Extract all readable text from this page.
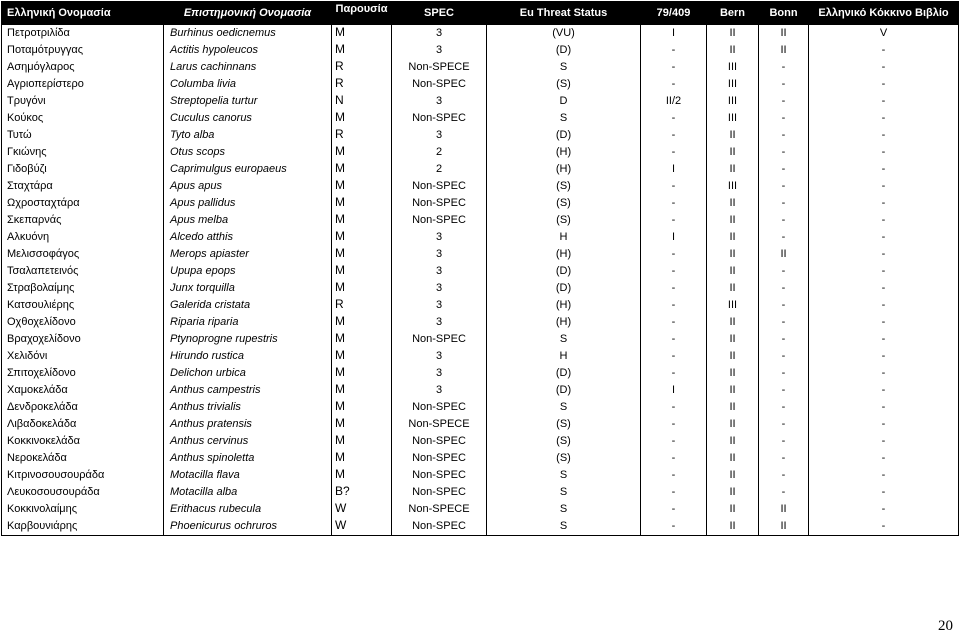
Ελληνική Ονομασία	Επιστημονική Ονομασία	Παρουσία	SPEC	Eu Threat Status	79/409	Bern	Bonn	Ελληνικό Κόκκινο Βιβλίο
Πετροτριλίδα	Burhinus oedicnemus	M	3	(VU)	I	II	II	V
Ποταμότρυγγας	Actitis hypoleucos	M	3	(D)	-	II	II	-
Ασημόγλαρος	Larus cachinnans	R	Non-SPECE	S	-	III	-	-
Αγριοπερίστερο	Columba livia	R	Non-SPEC	(S)	-	III	-	-
Τρυγόνι	Streptopelia turtur	N	3	D	II/2	III	-	-
Κούκος	Cuculus canorus	M	Non-SPEC	S	-	III	-	-
Τυτώ	Tyto alba	R	3	(D)	-	II	-	-
Γκιώνης	Otus scops	M	2	(H)	-	II	-	-
Γιδοβύζι	Caprimulgus europaeus	M	2	(H)	I	II	-	-
Σταχτάρα	Apus apus	M	Non-SPEC	(S)	-	III	-	-
Ωχροσταχτάρα	Apus pallidus	M	Non-SPEC	(S)	-	II	-	-
Σκεπαρνάς	Apus melba	M	Non-SPEC	(S)	-	II	-	-
Αλκυόνη	Alcedo atthis	M	3	H	I	II	-	-
Μελισσοφάγος	Merops apiaster	M	3	(H)	-	II	II	-
Τσαλαπετεινός	Upupa epops	M	3	(D)	-	II	-	-
Στραβολαίμης	Junx torquilla	M	3	(D)	-	II	-	-
Κατσουλιέρης	Galerida cristata	R	3	(H)	-	III	-	-
Οχθοχελίδονο	Riparia riparia	M	3	(H)	-	II	-	-
Βραχοχελίδονο	Ptynoprogne rupestris	M	Non-SPEC	S	-	II	-	-
Χελιδόνι	Hirundo rustica	M	3	H	-	II	-	-
Σπιτοχελίδονο	Delichon urbica	M	3	(D)	-	II	-	-
Χαμοκελάδα	Anthus campestris	M	3	(D)	I	II	-	-
Δενδροκελάδα	Anthus trivialis	M	Non-SPEC	S	-	II	-	-
Λιβαδοκελάδα	Anthus pratensis	M	Non-SPECE	(S)	-	II	-	-
Κοκκινοκελάδα	Anthus cervinus	M	Non-SPEC	(S)	-	II	-	-
Νεροκελάδα	Anthus spinoletta	M	Non-SPEC	(S)	-	II	-	-
Κιτρινοσουσουράδα	Motacilla flava	M	Non-SPEC	S	-	II	-	-
Λευκοσουσουράδα	Motacilla alba	B?	Non-SPEC	S	-	II	-	-
Κοκκινολαίμης	Erithacus rubecula	W	Non-SPECE	S	-	II	II	-
Καρβουνιάρης	Phoenicurus ochruros	W	Non-SPEC	S	-	II	II	-
20
